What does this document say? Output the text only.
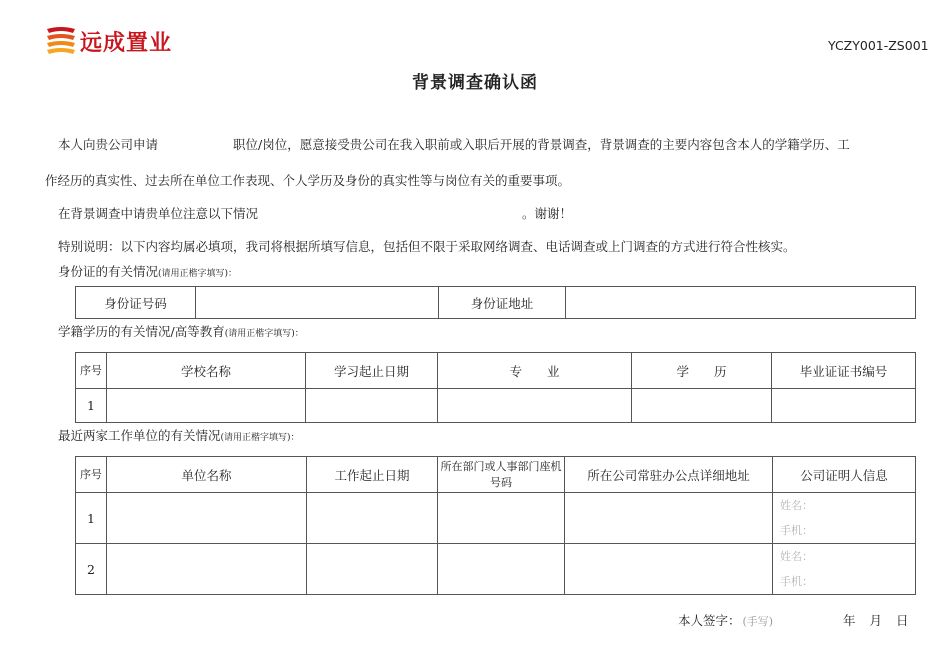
远成置业	YCZY001-ZS001
背景调查确认函
本人向贵公司申请	职位/岗位，愿意接受贵公司在我入职前或入职后开展的背景调查，背景调查的主要内容包含本人的学籍学历、工
作经历的真实性、过去所在单位工作表现、个人学历及身份的真实性等与岗位有关的重要事项。
在背景调查中请贵单位注意以下情况	。谢谢！
特别说明：以下内容均属必填项，我司将根据所填写信息，包括但不限于采取网络调查、电话调查或上门调查的方式进行符合性核实。
身份证的有关情况(请用正楷字填写)：
身份证号码		身份证地址	
学籍学历的有关情况/高等教育(请用正楷字填写)：
序号	学校名称	学习起止日期	专　　业	学　　历	毕业证证书编号
1					
最近两家工作单位的有关情况(请用正楷字填写)：
序号	单位名称	工作起止日期	所在部门或人事部门座机号码	所在公司常驻办公点详细地址	公司证明人信息
1					姓名：
手机：

2					姓名：
手机：
本人签字： (手写)	年 月 日
